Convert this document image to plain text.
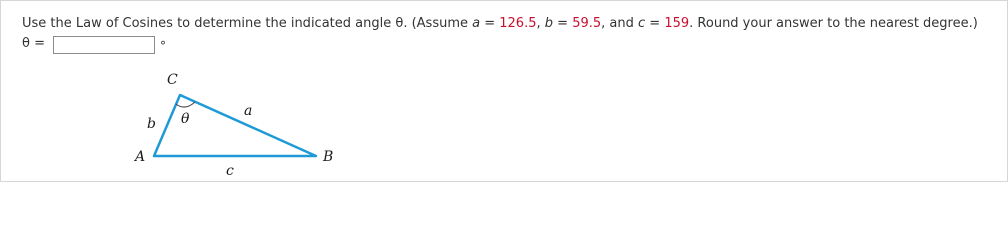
Use the Law of Cosines to determine the indicated angle θ. (Assume a = 126.5, b = 59.5, and c = 159. Round your answer to the nearest degree.)
θ =	°
C
A	B
a
b
c
θ
